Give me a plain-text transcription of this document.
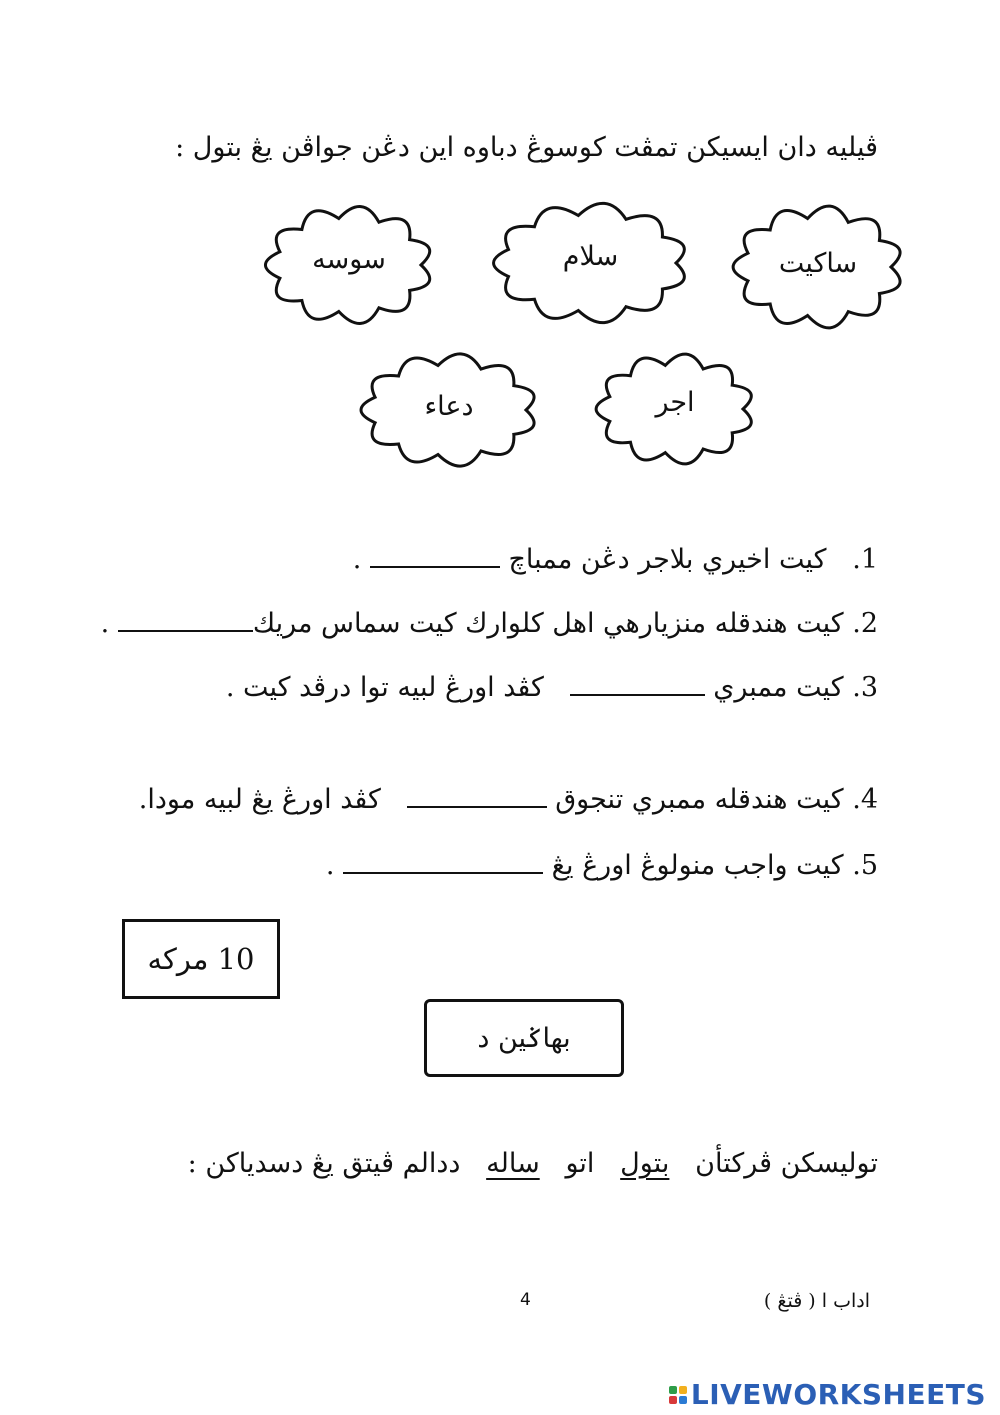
ڤيليه دان ايسيکن تمڤت کوسوڠ دباوه اين دڠن جواڤن يڠ بتول :
ساکيت
سلام
سوسه
اجر
دعاء
1.   كيت اخيري بلاجر دڠن ممباچ  .
2. كيت هندقله منزيارهي اهل كلوارك كيت سماس مريك .
3. كيت ممبري    كڤد اورڠ لبيه توا درڤد كيت .
4. كيت هندقله ممبري تنجوق    كڤد اورڠ يڠ لبيه مودا.
5. كيت واجب منولوڠ اورڠ يڠ  .
10

مركه
بهاݢين د
توليسکن ڤرکتأن   بتول   اتو   ساله   ددالم ڤيتق يڠ دسدياکن :
اداب ا ( ڤتڠ )
4
LIVEWORKSHEETS
